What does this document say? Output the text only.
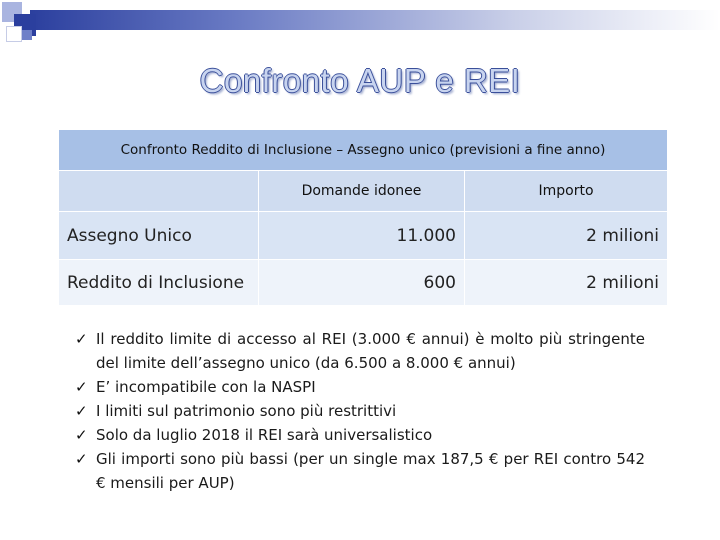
Confronto AUP e REI
Confronto Reddito di Inclusione – Assegno unico (previsioni a fine anno)		
	Domande idonee	Importo
Assegno Unico	11.000	2 milioni
Reddito di Inclusione	600	2 milioni
✓ Il reddito limite di accesso al REI (3.000 € annui) è molto più stringente del limite dell’assegno unico (da 6.500 a 8.000 € annui)
✓ E’ incompatibile con la NASPI
✓ I limiti sul patrimonio sono più restrittivi
✓ Solo da luglio 2018 il REI sarà universalistico
✓ Gli importi sono più bassi (per un single max 187,5 € per REI contro 542 € mensili per AUP)
